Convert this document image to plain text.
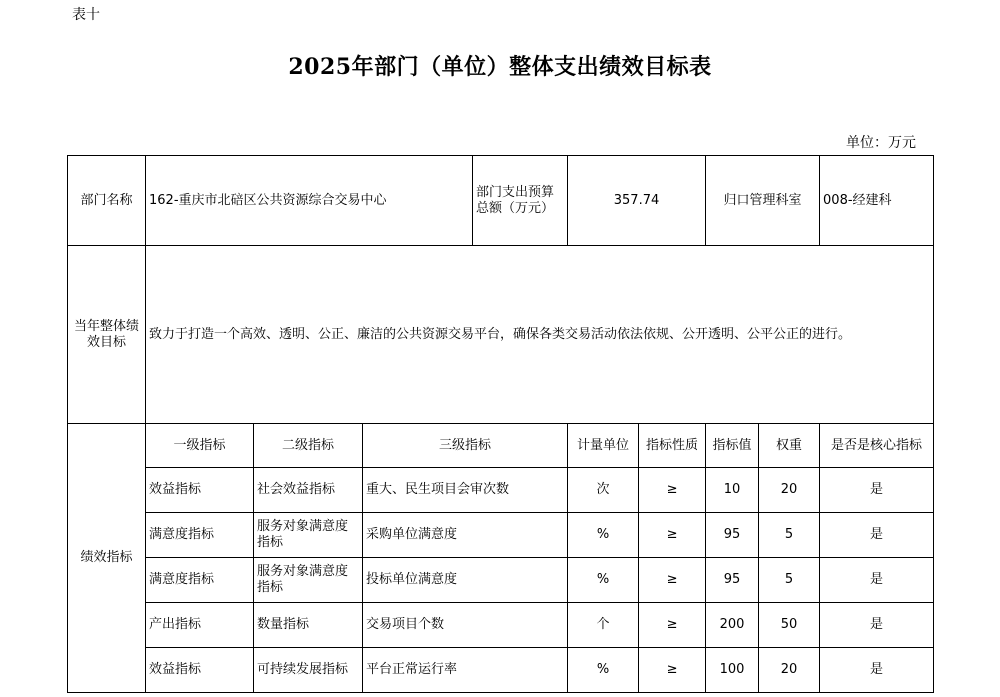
表十
2025年部门（单位）整体支出绩效目标表
单位：万元
部门名称	162-重庆市北碚区公共资源综合交易中心			部门支出预算总额（万元）	357.74		归口管理科室		008-经建科
当年整体绩效目标	致力于打造一个高效、透明、公正、廉洁的公共资源交易平台，确保各类交易活动依法依规、公开透明、公平公正的进行。								
绩效指标	一级指标	二级指标	三级指标		计量单位	指标性质	指标值	权重	是否是核心指标
	效益指标	社会效益指标	重大、民生项目会审次数		次	≥	10	20	是
	满意度指标	服务对象满意度指标	采购单位满意度		%	≥	95	5	是
	满意度指标	服务对象满意度指标	投标单位满意度		%	≥	95	5	是
	产出指标	数量指标	交易项目个数		个	≥	200	50	是
	效益指标	可持续发展指标	平台正常运行率		%	≥	100	20	是
